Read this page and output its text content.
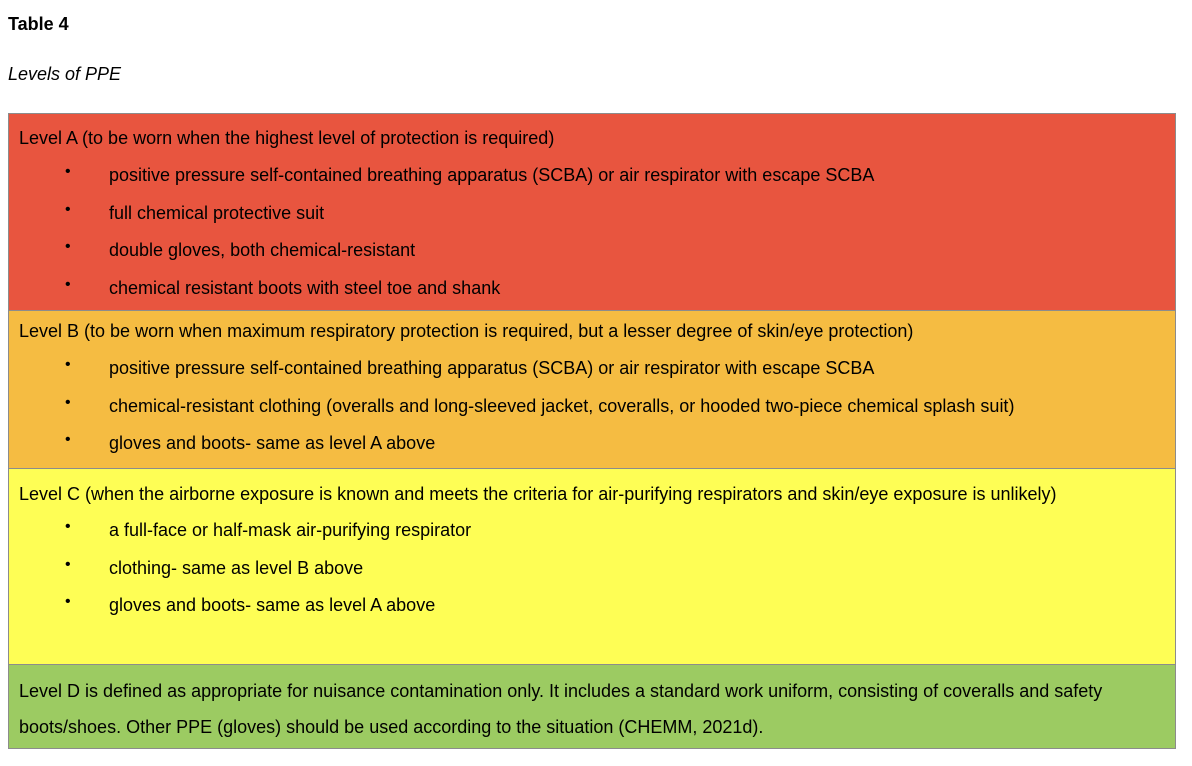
Table 4
Levels of PPE

Level A (to be worn when the highest level of protection is required)

• positive pressure self-contained breathing apparatus (SCBA) or air respirator with escape SCBA
• full chemical protective suit
• double gloves, both chemical-resistant
• chemical resistant boots with steel toe and shank

Level B (to be worn when maximum respiratory protection is required, but a lesser degree of skin/eye protection)

• positive pressure self-contained breathing apparatus (SCBA) or air respirator with escape SCBA
• chemical-resistant clothing (overalls and long-sleeved jacket, coveralls, or hooded two-piece chemical splash suit)
• gloves and boots- same as level A above

Level C (when the airborne exposure is known and meets the criteria for air-purifying respirators and skin/eye exposure is unlikely)

• a full-face or half-mask air-purifying respirator
• clothing- same as level B above
• gloves and boots- same as level A above

Level D is defined as appropriate for nuisance contamination only. It includes a standard work uniform, consisting of coveralls and safety boots/shoes. Other PPE (gloves) should be used according to the situation (CHEMM, 2021d).
